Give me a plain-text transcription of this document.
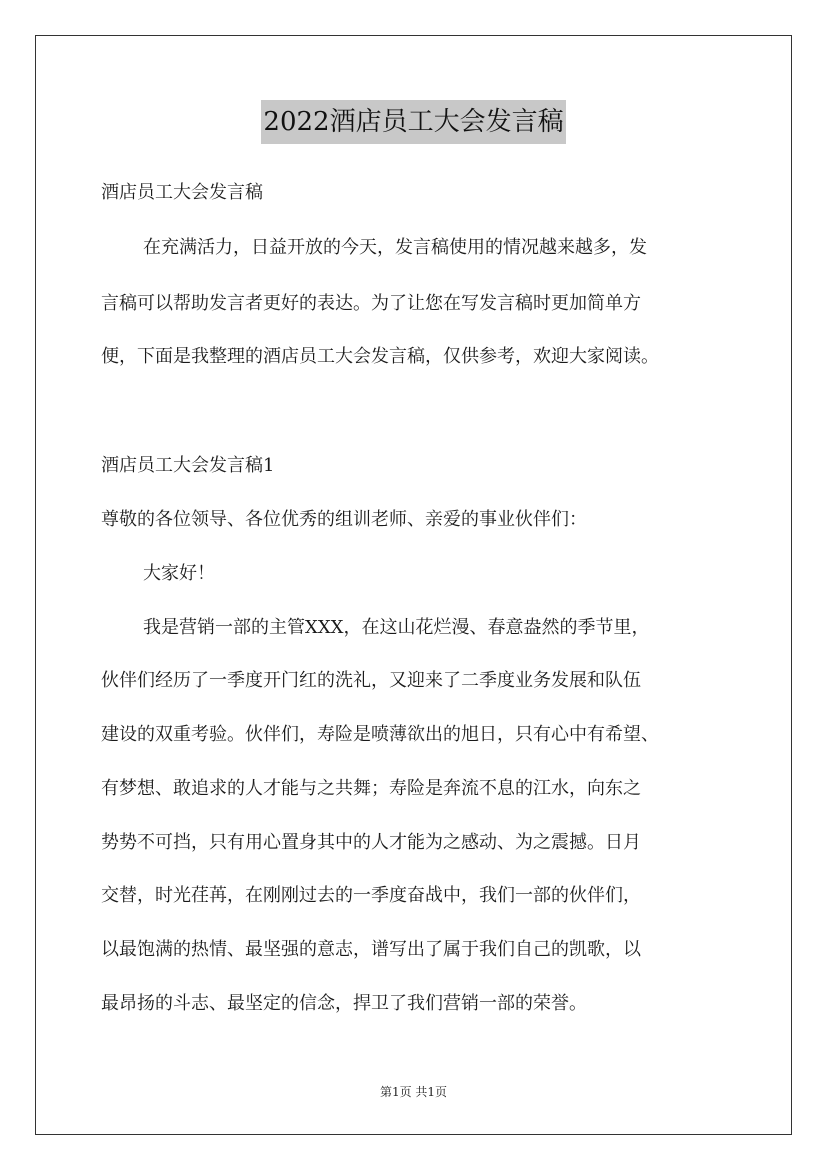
2022酒店员工大会发言稿
酒店员工大会发言稿
在充满活力，日益开放的今天，发言稿使用的情况越来越多，发
言稿可以帮助发言者更好的表达。为了让您在写发言稿时更加简单方
便，下面是我整理的酒店员工大会发言稿，仅供参考，欢迎大家阅读。
酒店员工大会发言稿1
尊敬的各位领导、各位优秀的组训老师、亲爱的事业伙伴们：
大家好！
我是营销一部的主管XXX，在这山花烂漫、春意盎然的季节里，
伙伴们经历了一季度开门红的洗礼，又迎来了二季度业务发展和队伍
建设的双重考验。伙伴们，寿险是喷薄欲出的旭日，只有心中有希望、
有梦想、敢追求的人才能与之共舞；寿险是奔流不息的江水，向东之
势势不可挡，只有用心置身其中的人才能为之感动、为之震撼。日月
交替，时光荏苒，在刚刚过去的一季度奋战中，我们一部的伙伴们，
以最饱满的热情、最坚强的意志，谱写出了属于我们自己的凯歌，以
最昂扬的斗志、最坚定的信念，捍卫了我们营销一部的荣誉。
第1页 共1页
